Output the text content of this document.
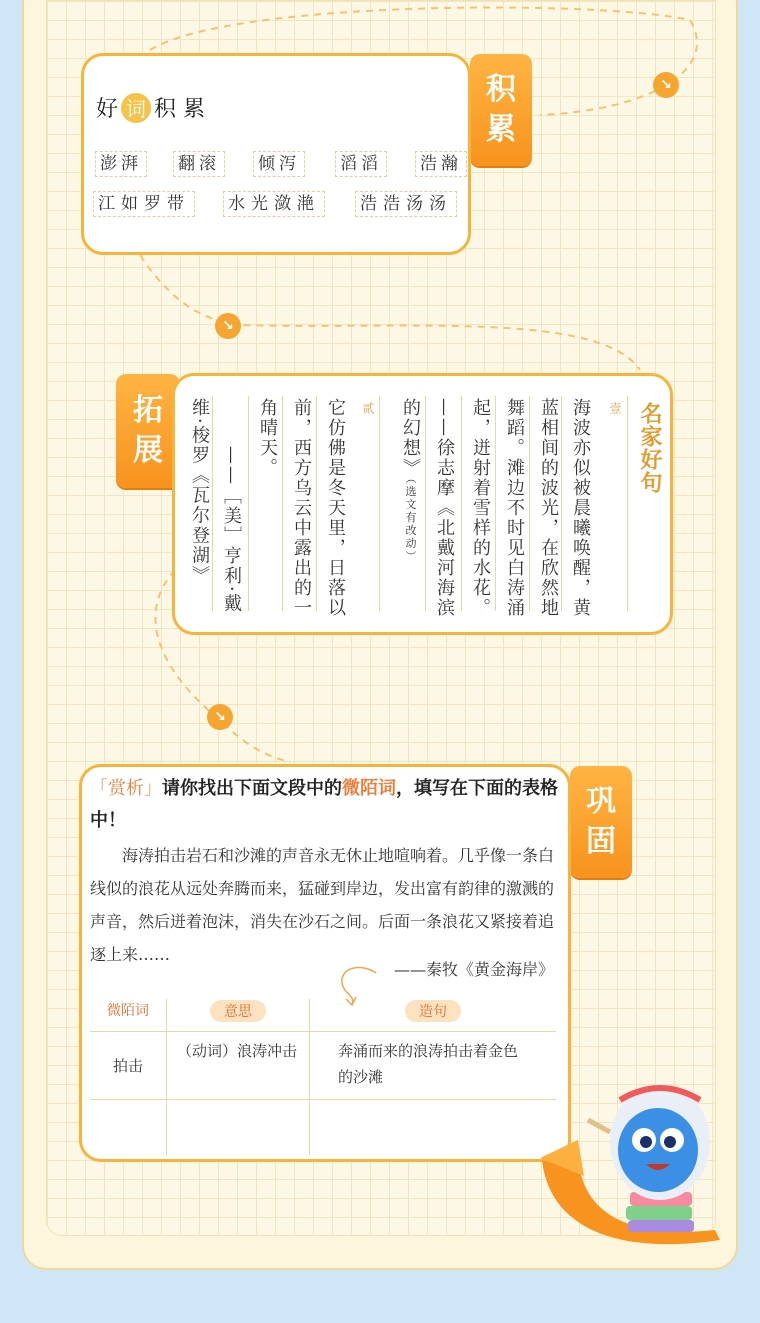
↘
↘
↘
积
累
好 词 积 累
澎湃 翻滚 倾泻 滔滔 浩瀚
江如罗带 水光潋滟 浩浩汤汤
拓
展	名家好句
壹
海波亦似被晨曦唤醒，黄
蓝相间的波光，在欣然地
舞蹈。滩边不时见白涛涌
起，迸射着雪样的水花。
——徐志摩《北戴河海滨
的幻想》（选文有改动）
贰
它仿佛是冬天里，日落以
前，西方乌云中露出的一
角晴天。
——［美］亨利·戴
维·梭罗《瓦尔登湖》
巩
固
「赏析」请你找出下面文段中的微陌词，填写在下面的表格中！
海涛拍击岩石和沙滩的声音永无休止地喧响着。几乎像一条白线似的浪花从远处奔腾而来，猛碰到岸边，发出富有韵律的激溅的声音，然后迸着泡沫，消失在沙石之间。后面一条浪花又紧接着追逐上来……
——秦牧《黄金海岸》
微陌词	意思	造句
拍击	（动词）浪涛冲击	奔涌而来的浪涛拍击着金色的沙滩
